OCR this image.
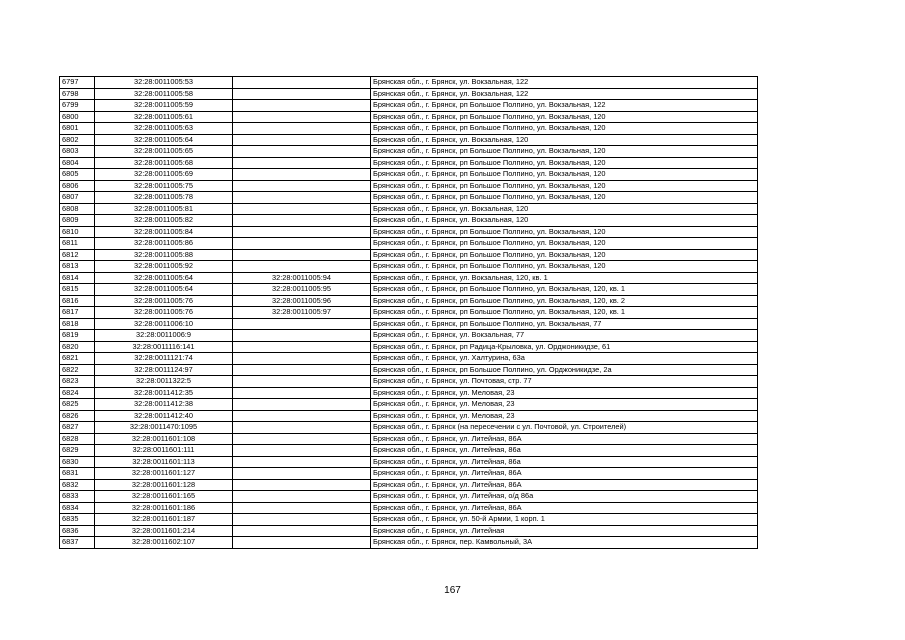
6797	32:28:0011005:53		Брянская обл., г. Брянск, ул. Вокзальная, 122
6798	32:28:0011005:58		Брянская обл., г. Брянск, ул. Вокзальная, 122
6799	32:28:0011005:59		Брянская обл., г. Брянск, рп Большое Полпино, ул. Вокзальная, 122
6800	32:28:0011005:61		Брянская обл., г. Брянск, рп Большое Полпино, ул. Вокзальная, 120
6801	32:28:0011005:63		Брянская обл., г. Брянск, рп Большое Полпино, ул. Вокзальная, 120
6802	32:28:0011005:64		Брянская обл., г. Брянск, ул. Вокзальная, 120
6803	32:28:0011005:65		Брянская обл., г. Брянск, рп Большое Полпино, ул. Вокзальная, 120
6804	32:28:0011005:68		Брянская обл., г. Брянск, рп Большое Полпино, ул. Вокзальная, 120
6805	32:28:0011005:69		Брянская обл., г. Брянск, рп Большое Полпино, ул. Вокзальная, 120
6806	32:28:0011005:75		Брянская обл., г. Брянск, рп Большое Полпино, ул. Вокзальная, 120
6807	32:28:0011005:78		Брянская обл., г. Брянск, рп Большое Полпино, ул. Вокзальная, 120
6808	32:28:0011005:81		Брянская обл., г. Брянск, ул. Вокзальная, 120
6809	32:28:0011005:82		Брянская обл., г. Брянск, ул. Вокзальная, 120
6810	32:28:0011005:84		Брянская обл., г. Брянск, рп Большое Полпино, ул. Вокзальная, 120
6811	32:28:0011005:86		Брянская обл., г. Брянск, рп Большое Полпино, ул. Вокзальная, 120
6812	32:28:0011005:88		Брянская обл., г. Брянск, рп Большое Полпино, ул. Вокзальная, 120
6813	32:28:0011005:92		Брянская обл., г. Брянск, рп Большое Полпино, ул. Вокзальная, 120
6814	32:28:0011005:64	32:28:0011005:94	Брянская обл., г. Брянск, ул. Вокзальная, 120, кв. 1
6815	32:28:0011005:64	32:28:0011005:95	Брянская обл., г. Брянск, рп Большое Полпино, ул. Вокзальная, 120, кв. 1
6816	32:28:0011005:76	32:28:0011005:96	Брянская обл., г. Брянск, рп Большое Полпино, ул. Вокзальная, 120, кв. 2
6817	32:28:0011005:76	32:28:0011005:97	Брянская обл., г. Брянск, рп Большое Полпино, ул. Вокзальная, 120, кв. 1
6818	32:28:0011006:10		Брянская обл., г. Брянск, рп Большое Полпино, ул. Вокзальная, 77
6819	32:28:0011006:9		Брянская обл., г. Брянск, ул. Вокзальная, 77
6820	32:28:0011116:141		Брянская обл., г. Брянск, рп Радица-Крыловка, ул. Орджоникидзе, 61
6821	32:28:0011121:74		Брянская обл., г. Брянск, ул. Халтурина, 63а
6822	32:28:0011124:97		Брянская обл., г. Брянск, рп Большое Полпино, ул. Орджоникидзе, 2а
6823	32:28:0011322:5		Брянская обл., г. Брянск, ул. Почтовая, стр. 77
6824	32:28:0011412:35		Брянская обл., г. Брянск, ул. Меловая, 23
6825	32:28:0011412:38		Брянская обл., г. Брянск, ул. Меловая, 23
6826	32:28:0011412:40		Брянская обл., г. Брянск, ул. Меловая, 23
6827	32:28:0011470:1095		Брянская обл., г. Брянск (на пересечении с ул. Почтовой, ул. Строителей)
6828	32:28:0011601:108		Брянская обл., г. Брянск, ул. Литейная, 86А
6829	32:28:0011601:111		Брянская обл., г. Брянск, ул. Литейная, 86а
6830	32:28:0011601:113		Брянская обл., г. Брянск, ул. Литейная, 86а
6831	32:28:0011601:127		Брянская обл., г. Брянск, ул. Литейная, 86А
6832	32:28:0011601:128		Брянская обл., г. Брянск, ул. Литейная, 86А
6833	32:28:0011601:165		Брянская обл., г. Брянск, ул. Литейная, о/д 86а
6834	32:28:0011601:186		Брянская обл., г. Брянск, ул. Литейная, 86А
6835	32:28:0011601:187		Брянская обл., г. Брянск, ул. 50-й Армии, 1 корп. 1
6836	32:28:0011601:214		Брянская обл., г. Брянск, ул. Литейная
6837	32:28:0011602:107		Брянская обл., г. Брянск, пер. Камвольный, 3А
167
